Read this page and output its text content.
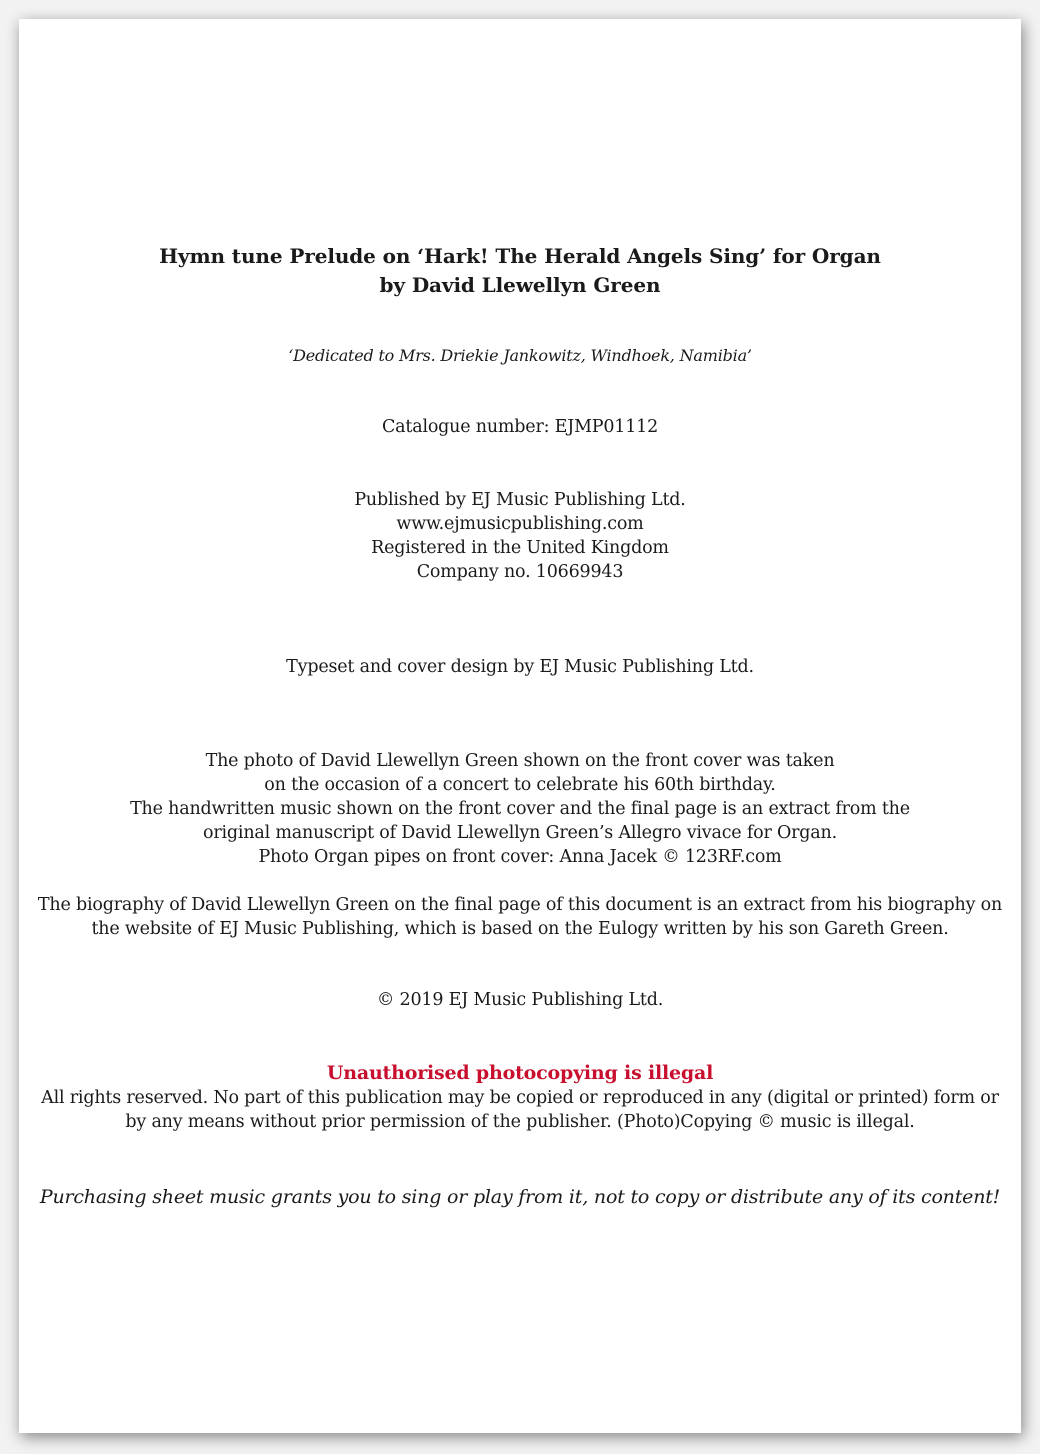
Hymn tune Prelude on ‘Hark! The Herald Angels Sing’ for Organ
by David Llewellyn Green
‘Dedicated to Mrs. Driekie Jankowitz, Windhoek, Namibia’
Catalogue number: EJMP01112
Published by EJ Music Publishing Ltd.
www.ejmusicpublishing.com
Registered in the United Kingdom
Company no. 10669943
Typeset and cover design by EJ Music Publishing Ltd.
The photo of David Llewellyn Green shown on the front cover was taken
on the occasion of a concert to celebrate his 60th birthday.
The handwritten music shown on the front cover and the final page is an extract from the
original manuscript of David Llewellyn Green’s Allegro vivace for Organ.
Photo Organ pipes on front cover: Anna Jacek © 123RF.com
The biography of David Llewellyn Green on the final page of this document is an extract from his biography on
the website of EJ Music Publishing, which is based on the Eulogy written by his son Gareth Green.
© 2019 EJ Music Publishing Ltd.
Unauthorised photocopying is illegal
All rights reserved. No part of this publication may be copied or reproduced in any (digital or printed) form or
by any means without prior permission of the publisher. (Photo)Copying © music is illegal.
Purchasing sheet music grants you to sing or play from it, not to copy or distribute any of its content!
